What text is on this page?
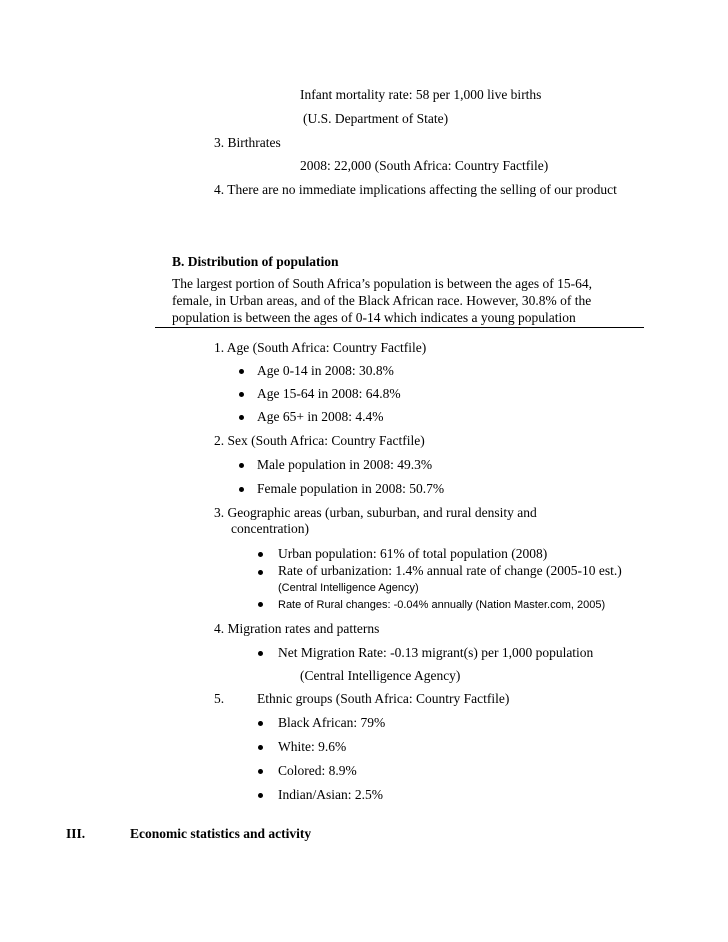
Infant mortality rate: 58 per 1,000 live births
(U.S. Department of State)
3. Birthrates
2008: 22,000 (South Africa: Country Factfile)
4. There are no immediate implications affecting the selling of our product
B. Distribution of population
The largest portion of South Africa’s population is between the ages of 15-64,
female, in Urban areas, and of the Black African race. However, 30.8% of the
population is between the ages of 0-14 which indicates a young population
1. Age (South Africa: Country Factfile)
Age 0-14 in 2008: 30.8%
Age 15-64 in 2008: 64.8%
Age 65+ in 2008: 4.4%
2. Sex (South Africa: Country Factfile)
Male population in 2008: 49.3%
Female population in 2008: 50.7%
3. Geographic areas (urban, suburban, and rural density and
concentration)
Urban population: 61% of total population (2008)
Rate of urbanization: 1.4% annual rate of change (2005-10 est.)
(Central Intelligence Agency)
Rate of Rural changes: -0.04% annually (Nation Master.com, 2005)
4. Migration rates and patterns
Net Migration Rate: -0.13 migrant(s) per 1,000 population
(Central Intelligence Agency)
5. Ethnic groups (South Africa: Country Factfile)
Black African: 79%
White: 9.6%
Colored: 8.9%
Indian/Asian: 2.5%
III.	Economic statistics and activity
